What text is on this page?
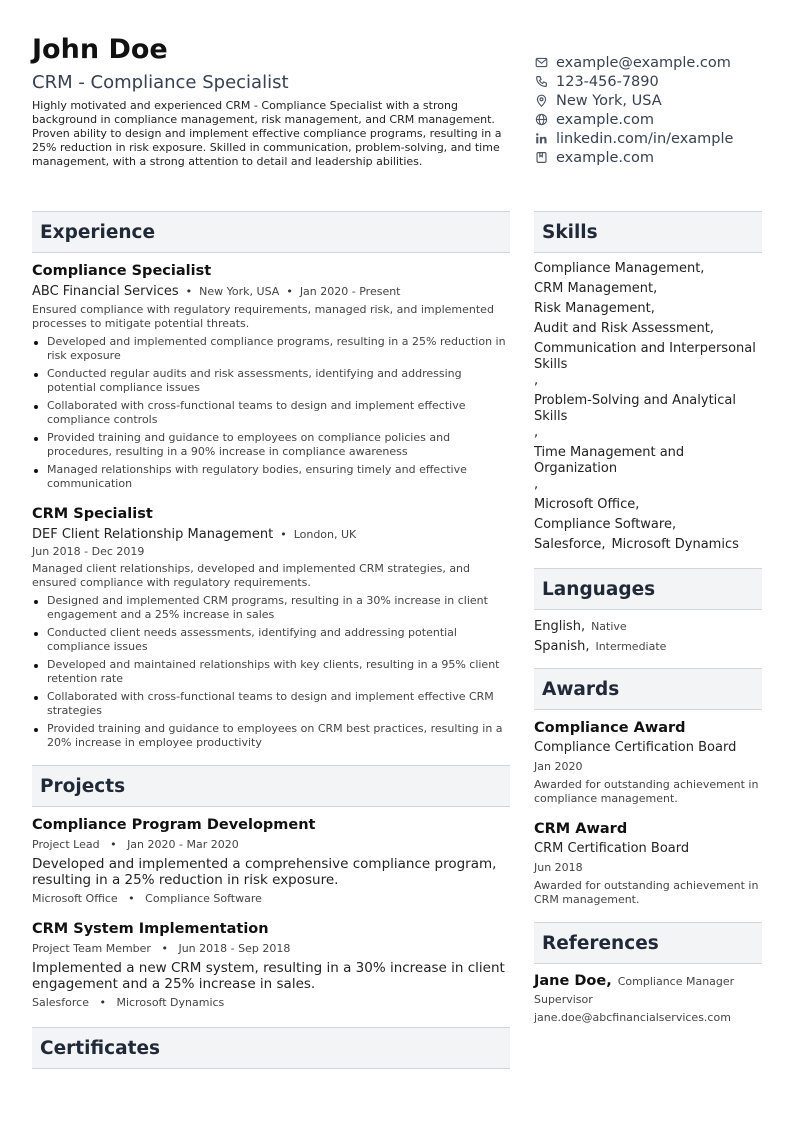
John Doe
CRM - Compliance Specialist
Highly motivated and experienced CRM - Compliance Specialist with a strong background in compliance management, risk management, and CRM management. Proven ability to design and implement effective compliance programs, resulting in a 25% reduction in risk exposure. Skilled in communication, problem-solving, and time management, with a strong attention to detail and leadership abilities.
example@example.com
123-456-7890
New York, USA
example.com
linkedin.com/in/example
example.com
Experience
Compliance Specialist
ABC Financial Services • New York, USA • Jan 2020 - Present
Ensured compliance with regulatory requirements, managed risk, and implemented processes to mitigate potential threats.
Developed and implemented compliance programs, resulting in a 25% reduction in risk exposure
Conducted regular audits and risk assessments, identifying and addressing potential compliance issues
Collaborated with cross-functional teams to design and implement effective compliance controls
Provided training and guidance to employees on compliance policies and procedures, resulting in a 90% increase in compliance awareness
Managed relationships with regulatory bodies, ensuring timely and effective communication
CRM Specialist
DEF Client Relationship Management • London, UK
Jun 2018 - Dec 2019
Managed client relationships, developed and implemented CRM strategies, and ensured compliance with regulatory requirements.
Designed and implemented CRM programs, resulting in a 30% increase in client engagement and a 25% increase in sales
Conducted client needs assessments, identifying and addressing potential compliance issues
Developed and maintained relationships with key clients, resulting in a 95% client retention rate
Collaborated with cross-functional teams to design and implement effective CRM strategies
Provided training and guidance to employees on CRM best practices, resulting in a 20% increase in employee productivity
Projects
Compliance Program Development
Project Lead • Jan 2020 - Mar 2020
Developed and implemented a comprehensive compliance program, resulting in a 25% reduction in risk exposure.
Microsoft Office • Compliance Software
CRM System Implementation
Project Team Member • Jun 2018 - Sep 2018
Implemented a new CRM system, resulting in a 30% increase in client engagement and a 25% increase in sales.
Salesforce • Microsoft Dynamics
Certificates
Skills
Compliance Management,
CRM Management,
Risk Management,
Audit and Risk Assessment,
Communication and Interpersonal Skills
,
Problem-Solving and Analytical Skills
,
Time Management and Organization
,
Microsoft Office,
Compliance Software,
Salesforce, Microsoft Dynamics
Languages
English, Native
Spanish, Intermediate
Awards
Compliance Award
Compliance Certification Board
Jan 2020
Awarded for outstanding achievement in compliance management.
CRM Award
CRM Certification Board
Jun 2018
Awarded for outstanding achievement in CRM management.
References
Jane Doe, Compliance Manager
Supervisor
jane.doe@abcfinancialservices.com
